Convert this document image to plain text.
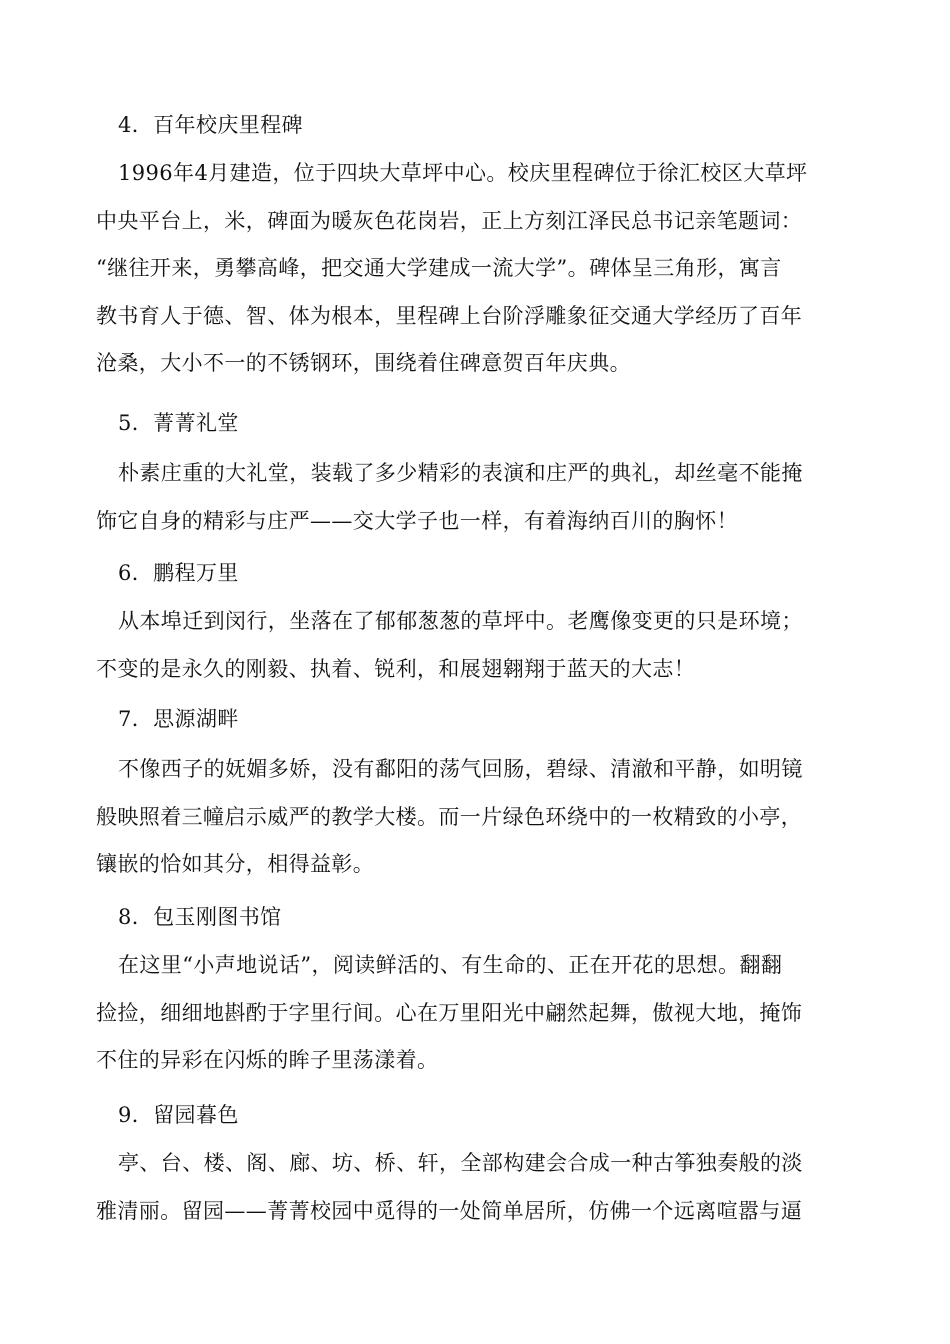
4．百年校庆里程碑

1996年4月建造，位于四块大草坪中心。校庆里程碑位于徐汇校区大草坪
中央平台上，米，碑面为暖灰色花岗岩，正上方刻江泽民总书记亲笔题词：
“继往开来，勇攀高峰，把交通大学建成一流大学”。碑体呈三角形，寓言
教书育人于德、智、体为根本，里程碑上台阶浮雕象征交通大学经历了百年
沧桑，大小不一的不锈钢环，围绕着住碑意贺百年庆典。

5．菁菁礼堂

朴素庄重的大礼堂，装载了多少精彩的表演和庄严的典礼，却丝毫不能掩
饰它自身的精彩与庄严——交大学子也一样，有着海纳百川的胸怀！

6．鹏程万里

从本埠迁到闵行，坐落在了郁郁葱葱的草坪中。老鹰像变更的只是环境；
不变的是永久的刚毅、执着、锐利，和展翅翱翔于蓝天的大志！

7．思源湖畔

不像西子的妩媚多娇，没有鄱阳的荡气回肠，碧绿、清澈和平静，如明镜
般映照着三幢启示威严的教学大楼。而一片绿色环绕中的一枚精致的小亭，
镶嵌的恰如其分，相得益彰。

8．包玉刚图书馆

在这里“小声地说话”，阅读鲜活的、有生命的、正在开花的思想。翻翻
捡捡，细细地斟酌于字里行间。心在万里阳光中翩然起舞，傲视大地，掩饰
不住的异彩在闪烁的眸子里荡漾着。

9．留园暮色

亭、台、楼、阁、廊、坊、桥、轩，全部构建会合成一种古筝独奏般的淡
雅清丽。留园——菁菁校园中觅得的一处简单居所，仿佛一个远离喧嚣与逼
